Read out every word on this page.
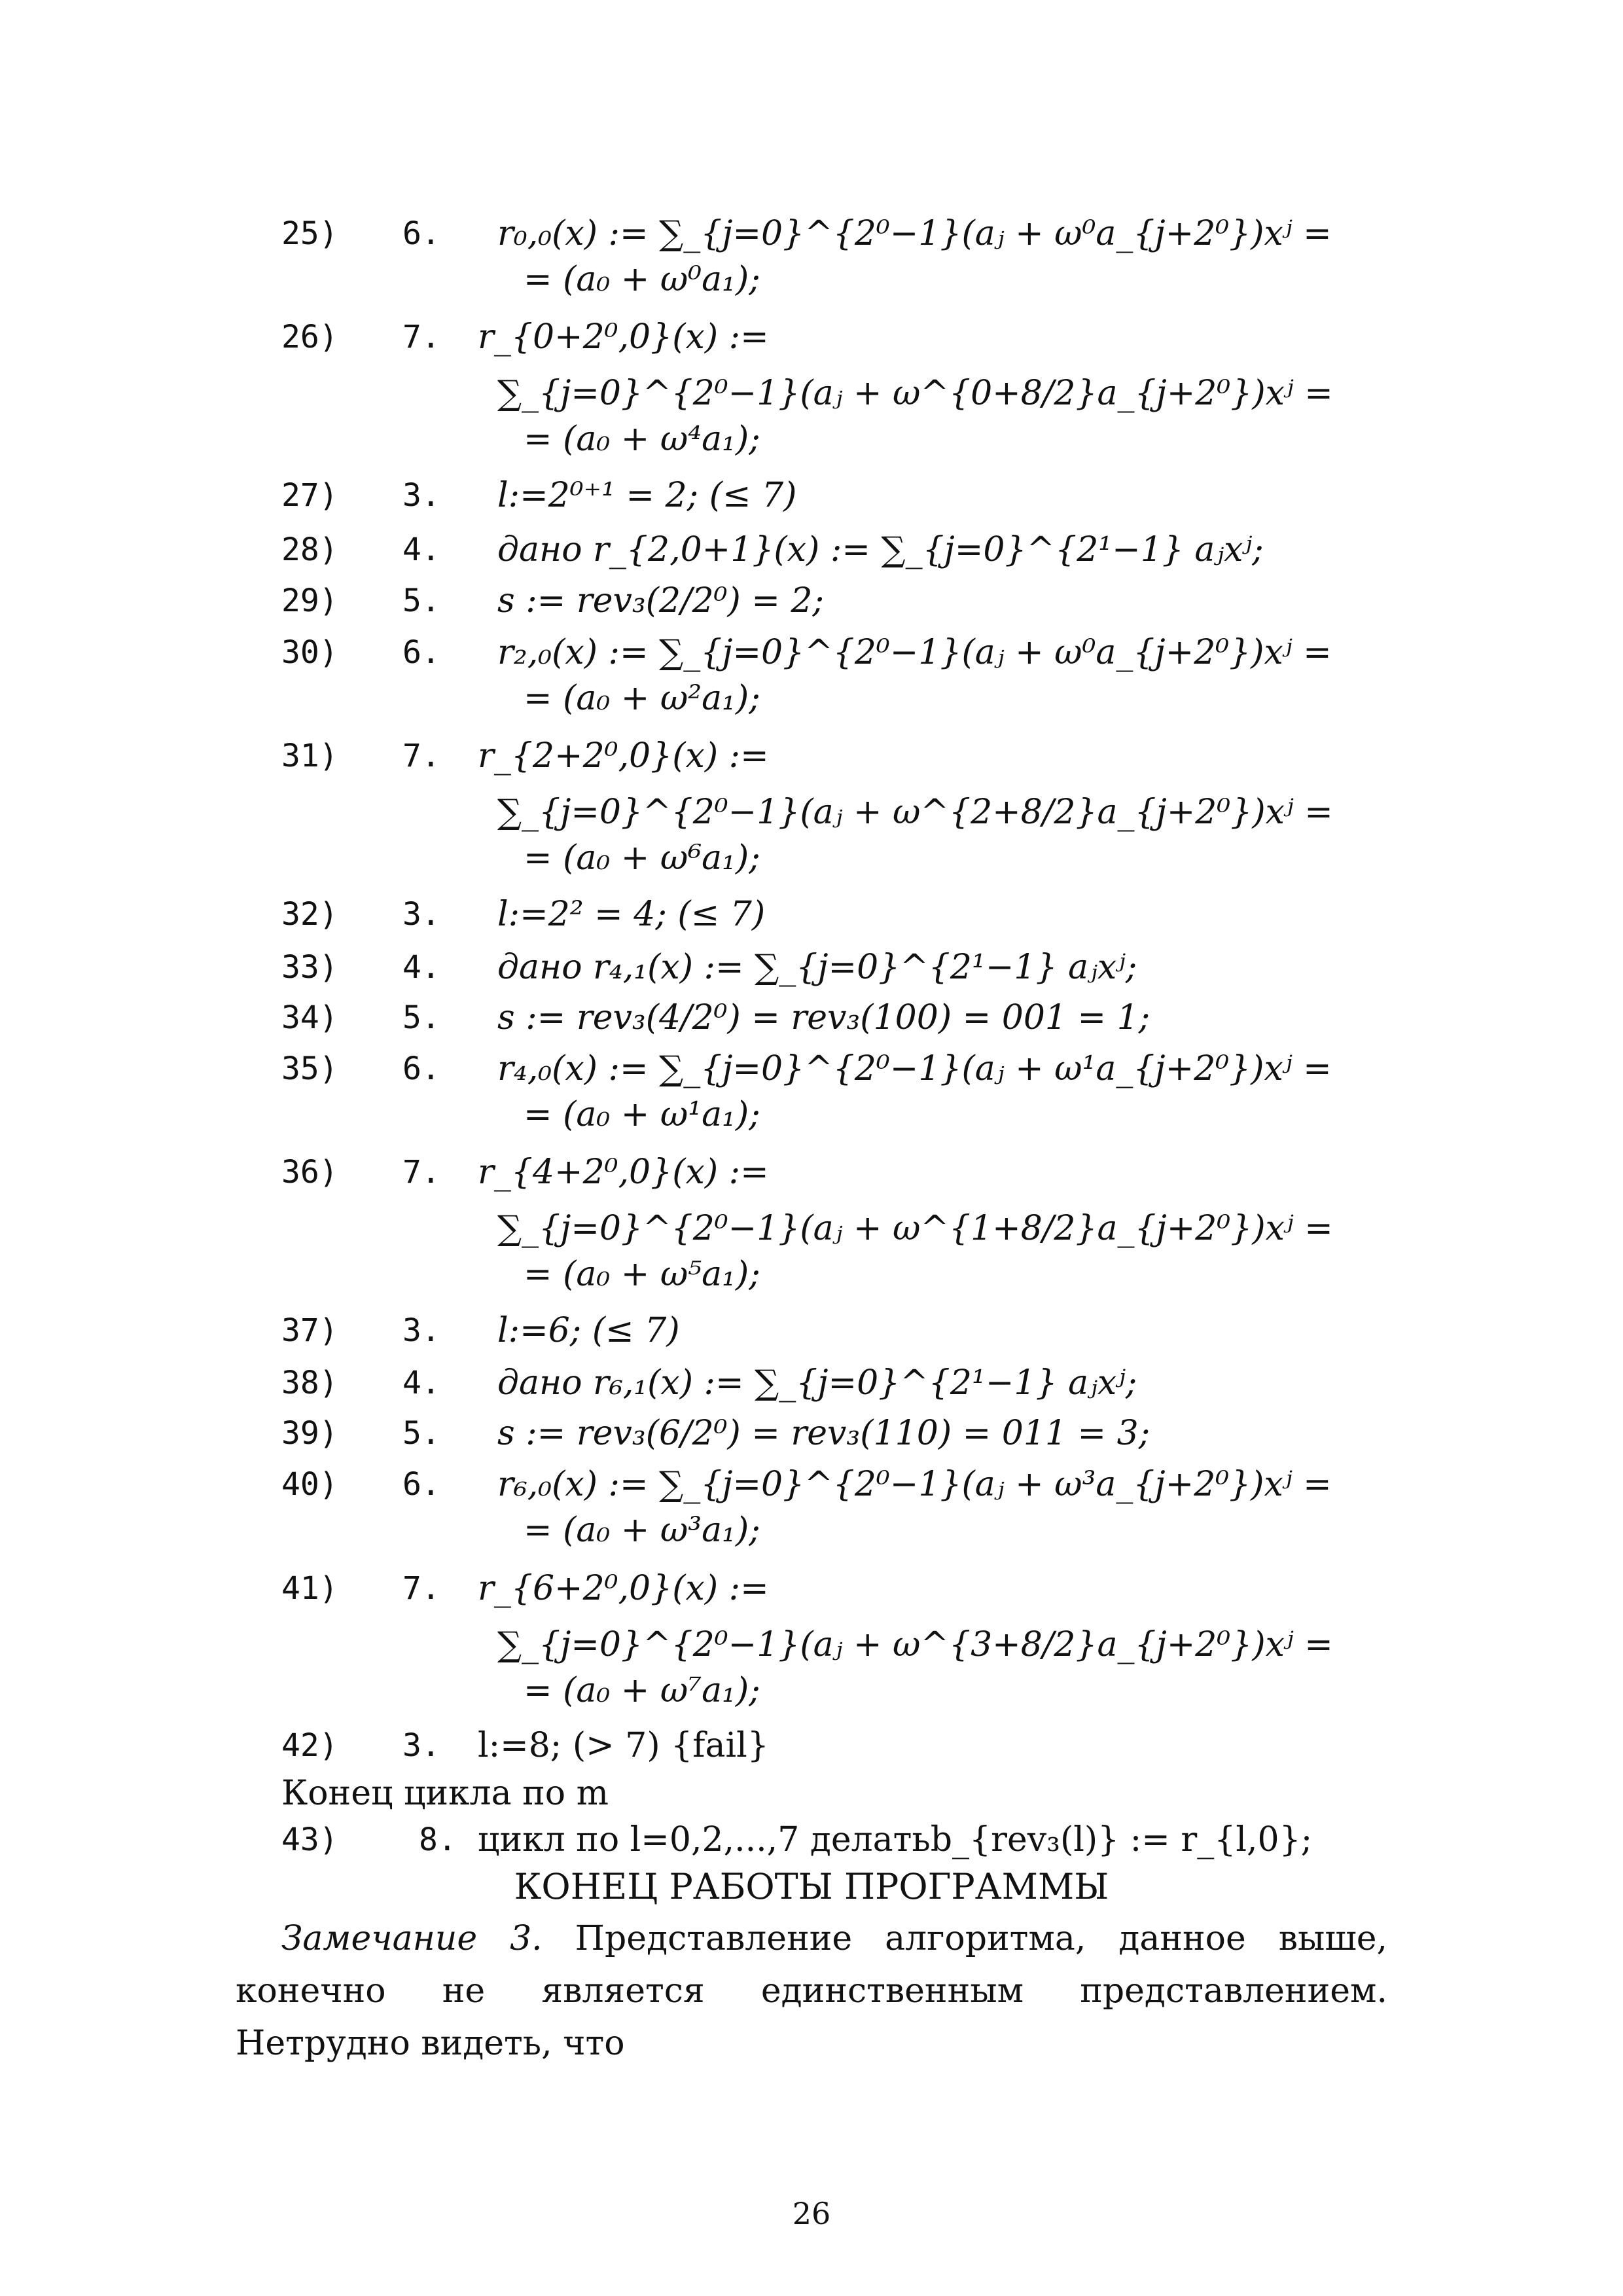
25) 6. r₀,₀(x) := ∑_{j=0}^{2⁰−1}(aⱼ + ω⁰a_{j+2⁰})xʲ =
= (a₀ + ω⁰a₁);
26) 7. r_{0+2⁰,0}(x) :=
∑_{j=0}^{2⁰−1}(aⱼ + ω^{0+8/2}a_{j+2⁰})xʲ =
= (a₀ + ω⁴a₁);
27) 3. l:=2⁰⁺¹ = 2; (≤ 7)
28) 4. дано r_{2,0+1}(x) := ∑_{j=0}^{2¹−1} aⱼxʲ;
29) 5. s := rev₃(2/2⁰) = 2;
30) 6. r₂,₀(x) := ∑_{j=0}^{2⁰−1}(aⱼ + ω⁰a_{j+2⁰})xʲ =
= (a₀ + ω²a₁);
31) 7. r_{2+2⁰,0}(x) :=
∑_{j=0}^{2⁰−1}(aⱼ + ω^{2+8/2}a_{j+2⁰})xʲ =
= (a₀ + ω⁶a₁);
32) 3. l:=2² = 4; (≤ 7)
33) 4. дано r₄,₁(x) := ∑_{j=0}^{2¹−1} aⱼxʲ;
34) 5. s := rev₃(4/2⁰) = rev₃(100) = 001 = 1;
35) 6. r₄,₀(x) := ∑_{j=0}^{2⁰−1}(aⱼ + ω¹a_{j+2⁰})xʲ =
= (a₀ + ω¹a₁);
36) 7. r_{4+2⁰,0}(x) :=
∑_{j=0}^{2⁰−1}(aⱼ + ω^{1+8/2}a_{j+2⁰})xʲ =
= (a₀ + ω⁵a₁);
37) 3. l:=6; (≤ 7)
38) 4. дано r₆,₁(x) := ∑_{j=0}^{2¹−1} aⱼxʲ;
39) 5. s := rev₃(6/2⁰) = rev₃(110) = 011 = 3;
40) 6. r₆,₀(x) := ∑_{j=0}^{2⁰−1}(aⱼ + ω³a_{j+2⁰})xʲ =
= (a₀ + ω³a₁);
41) 7. r_{6+2⁰,0}(x) :=
∑_{j=0}^{2⁰−1}(aⱼ + ω^{3+8/2}a_{j+2⁰})xʲ =
= (a₀ + ω⁷a₁);
42) 3. l:=8; (> 7) {fail}
Конец цикла по m
43)	8. цикл по l=0,2,...,7 делатьb_{rev₃(l)} := r_{l,0};
КОНЕЦ РАБОТЫ ПРОГРАММЫ
Замечание 3. Представление алгоритма, данное выше, конечно не является единственным представлением. Нетрудно видеть, что
26
